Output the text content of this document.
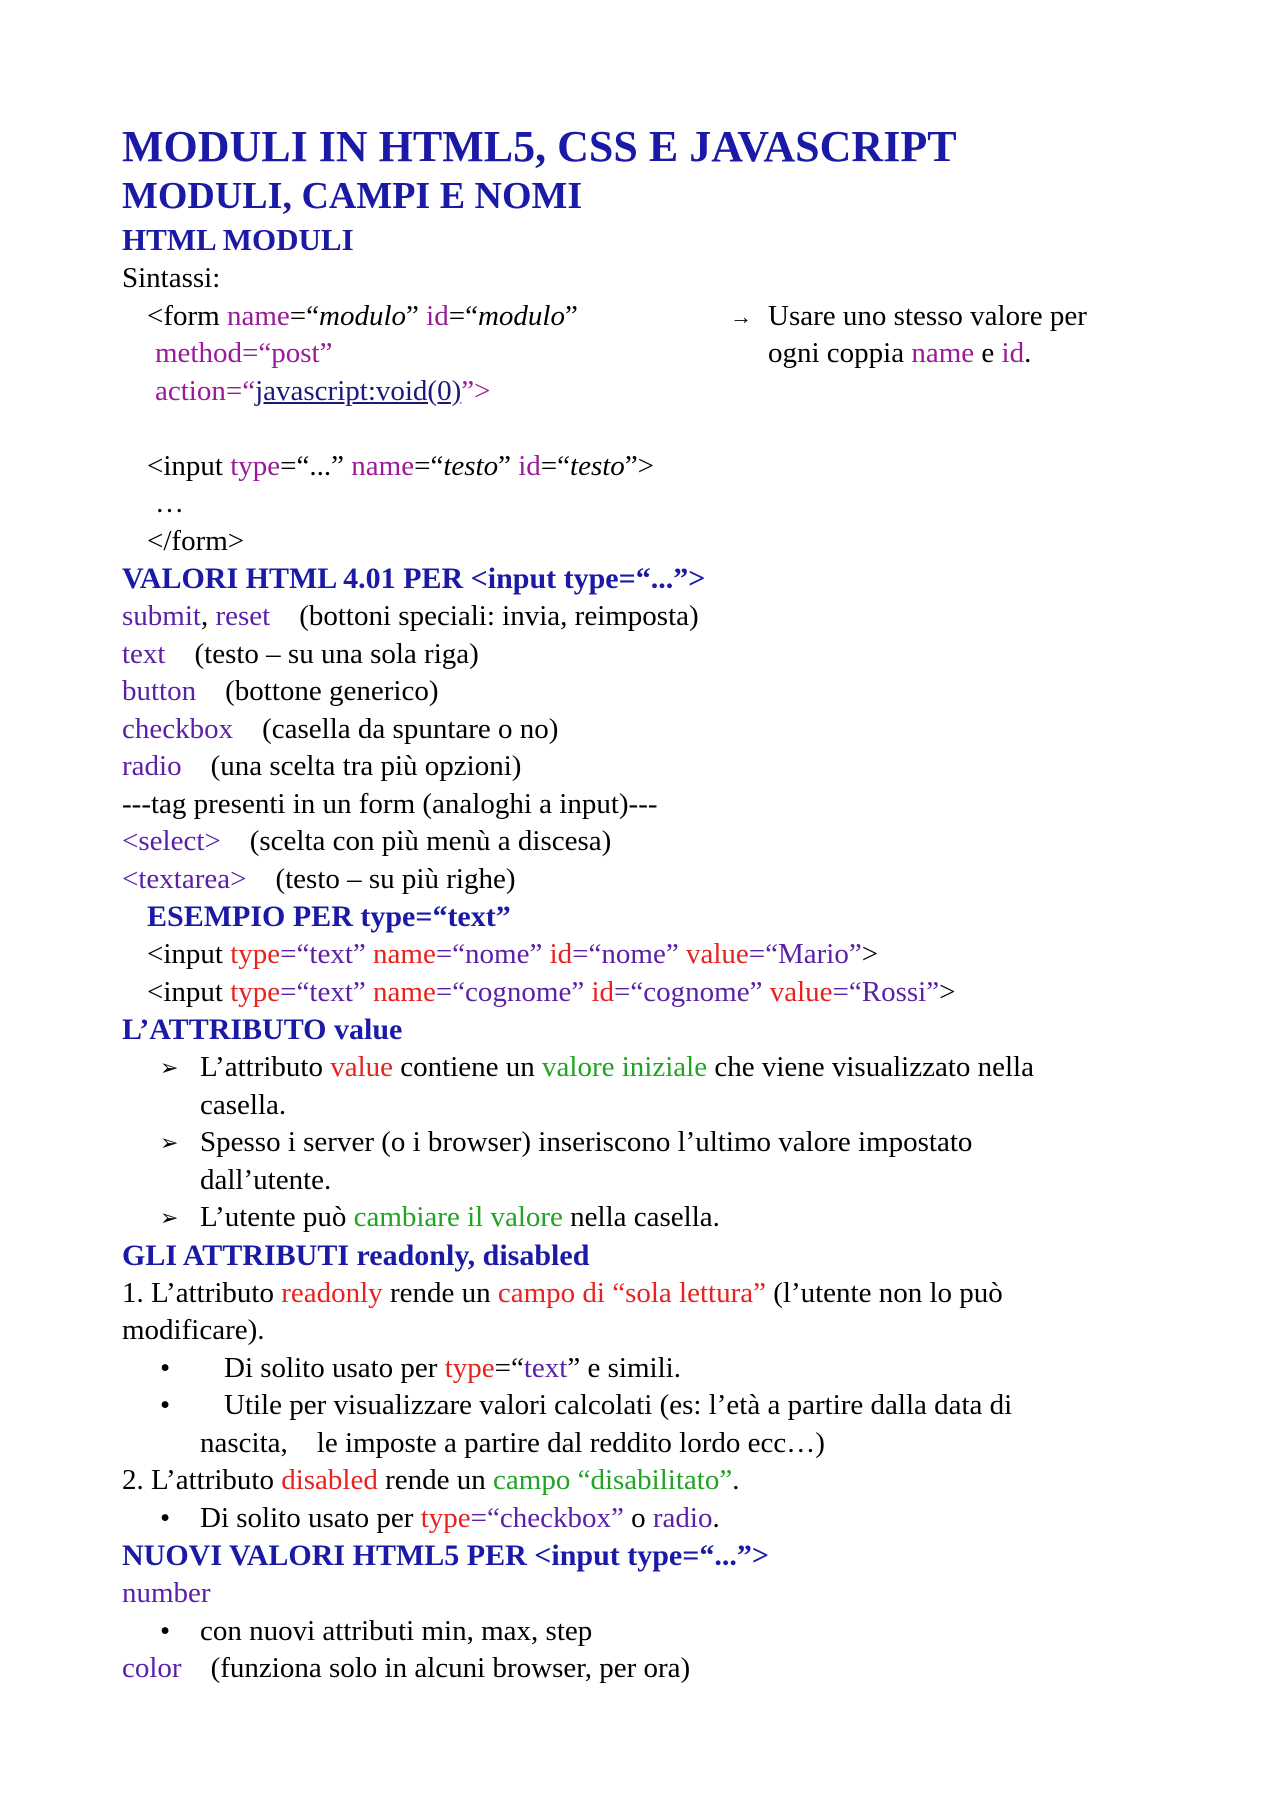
MODULI IN HTML5, CSS E JAVASCRIPT
MODULI, CAMPI E NOMI
HTML MODULI
Sintassi:
<form name=“modulo” id=“modulo”	→ Usare uno stesso valore per
method=“post”	ogni coppia name e id.
action=“javascript:void(0)”>
<input type=“...” name=“testo” id=“testo”>
…
</form>
VALORI HTML 4.01 PER <input type=“...”>
submit, reset    (bottoni speciali: invia, reimposta)
text    (testo – su una sola riga)
button    (bottone generico)
checkbox    (casella da spuntare o no)
radio    (una scelta tra più opzioni)
---tag presenti in un form (analoghi a input)---
<select>    (scelta con più menù a discesa)
<textarea>    (testo – su più righe)
ESEMPIO PER type=“text”
<input type=“text” name=“nome” id=“nome” value=“Mario”>
<input type=“text” name=“cognome” id=“cognome” value=“Rossi”>
L’ATTRIBUTO value
➢ L’attributo value contiene un valore iniziale che viene visualizzato nella
casella.
➢ Spesso i server (o i browser) inseriscono l’ultimo valore impostato
dall’utente.
➢ L’utente può cambiare il valore nella casella.
GLI ATTRIBUTI readonly, disabled
1. L’attributo readonly rende un campo di “sola lettura” (l’utente non lo può
modificare).
• Di solito usato per type=“text” e simili.
• Utile per visualizzare valori calcolati (es: l’età a partire dalla data di
nascita,    le imposte a partire dal reddito lordo ecc…)
2. L’attributo disabled rende un campo “disabilitato”.
• Di solito usato per type=“checkbox” o radio.
NUOVI VALORI HTML5 PER <input type=“...”>
number
• con nuovi attributi min, max, step
color    (funziona solo in alcuni browser, per ora)
